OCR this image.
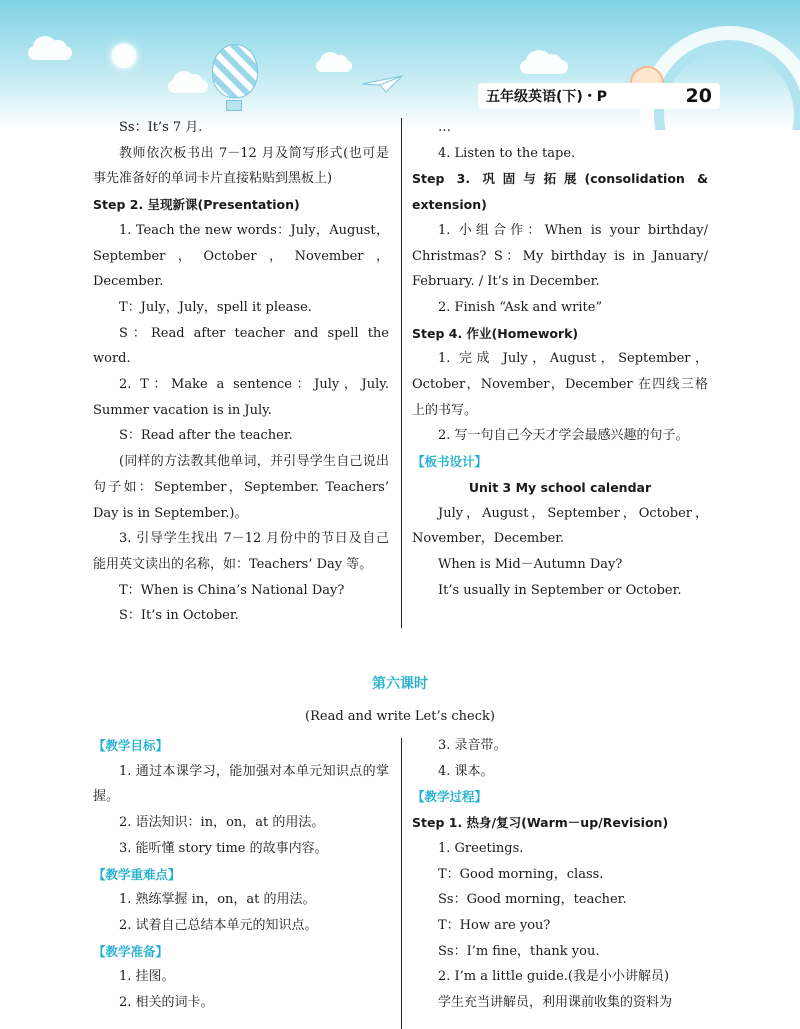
五年级英语(下)・P	20

Ss：It’s 7 月.

教师依次板书出 7－12 月及简写形式(也可是事先准备好的单词卡片直接粘贴到黑板上)

Step 2. 呈现新课(Presentation)

1. Teach the new words：July，August，September，October，November，December.

T：July，July，spell it please.

S：Read after teacher and spell the word.

2. T：Make a sentence：July，July. Summer vacation is in July.

S：Read after the teacher.

(同样的方法教其他单词，并引导学生自己说出句子如：September，September. Teachers’ Day is in September.)。

3. 引导学生找出 7－12 月份中的节日及自己能用英文读出的名称，如：Teachers’ Day 等。

T：When is China’s National Day?

S：It’s in October.

…

4. Listen to the tape.

Step 3. 巩固与拓展(consolidation & extension)

1. 小组合作：When is your birthday/ Christmas? S：My birthday is in January/ February. / It’s in December.

2. Finish “Ask and write”

Step 4. 作业(Homework)

1. 完成 July，August，September，October，November，December 在四线三格上的书写。

2. 写一句自己今天才学会最感兴趣的句子。

【板书设计】

Unit 3 My school calendar

July，August，September，October，November，December.

When is Mid－Autumn Day?

It’s usually in September or October.

第六课时
(Read and write Let’s check)

【教学目标】

1. 通过本课学习，能加强对本单元知识点的掌握。

2. 语法知识：in，on，at 的用法。

3. 能听懂 story time 的故事内容。

【教学重难点】

1. 熟练掌握 in，on，at 的用法。

2. 试着自己总结本单元的知识点。

【教学准备】

1. 挂图。

2. 相关的词卡。

3. 录音带。

4. 课本。

【教学过程】

Step 1. 热身/复习(Warm－up/Revision)

1. Greetings.

T：Good morning，class.

Ss：Good morning，teacher.

T：How are you?

Ss：I’m fine，thank you.

2. I’m a little guide.(我是小小讲解员)

学生充当讲解员，利用课前收集的资料为
